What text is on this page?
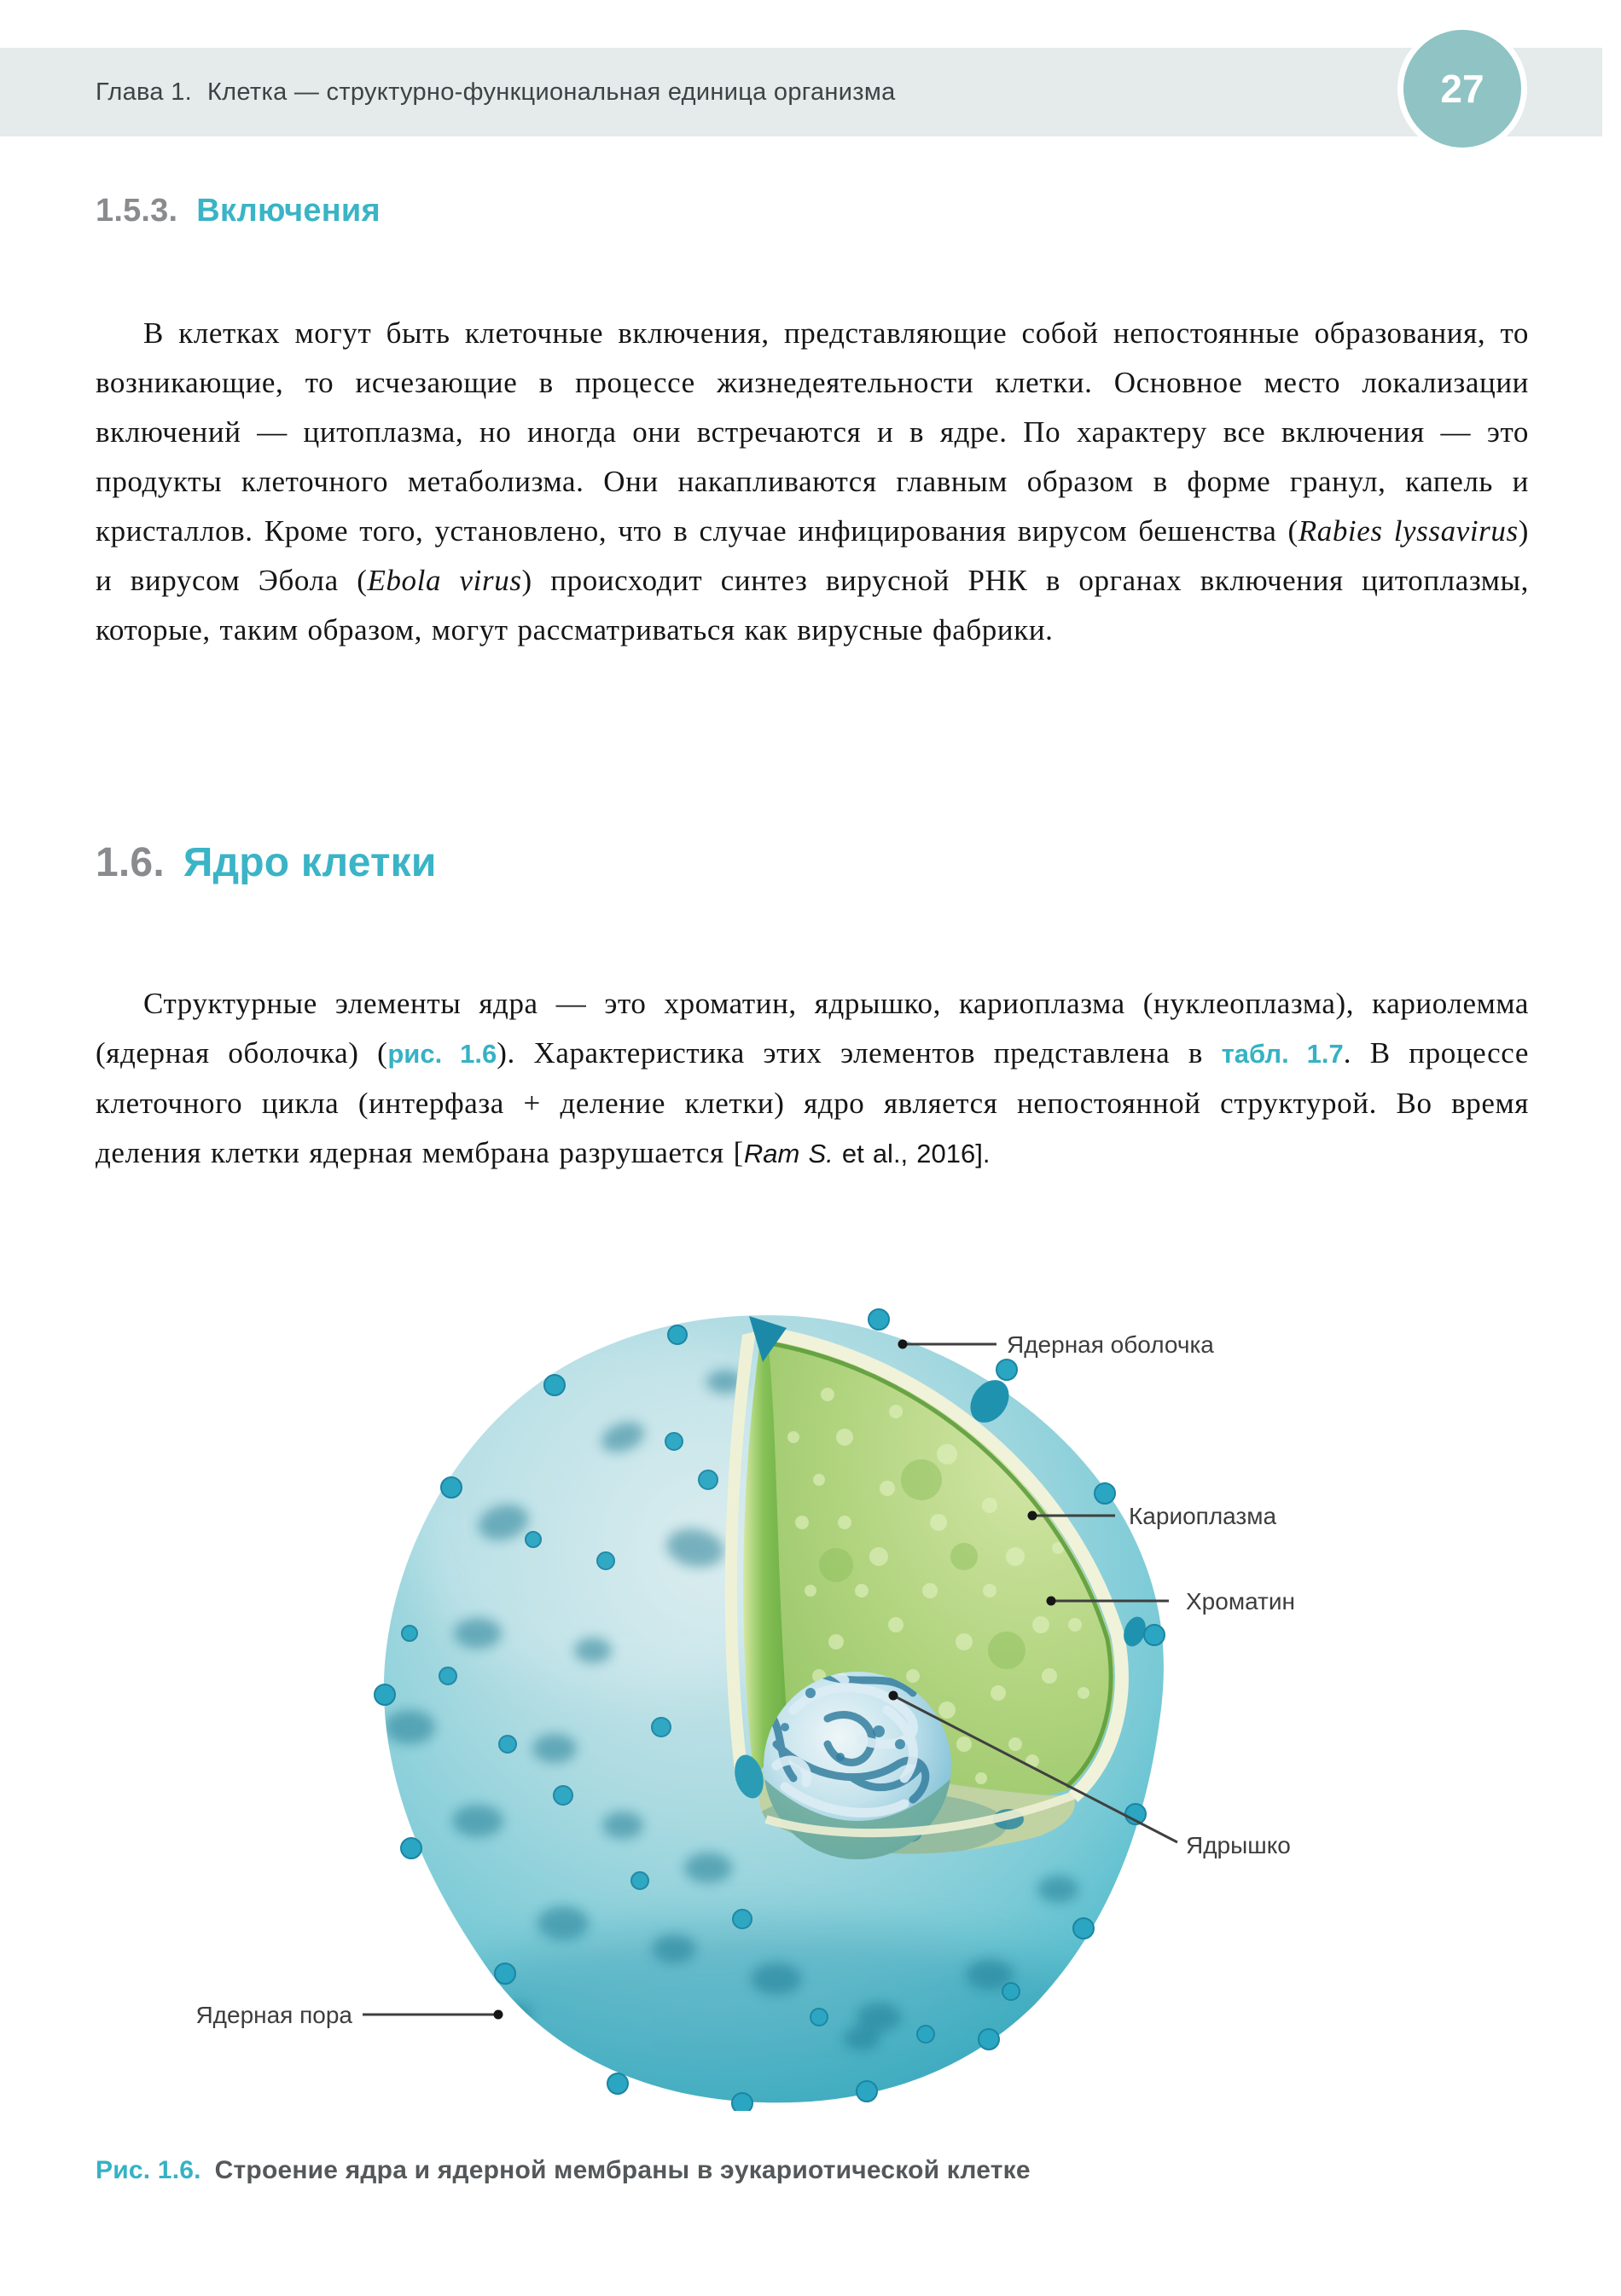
Глава 1. Клетка — структурно-функциональная единица организма	27
1.5.3. Включения

В клетках могут быть клеточные включения, представляющие собой непостоянные образования, то возникающие, то исчезающие в процессе жизнедеятельности клетки. Основное место локализации включений — цитоплазма, но иногда они встречаются и в ядре. По характеру все включения — это продукты клеточного метаболизма. Они накапливаются главным образом в форме гранул, капель и кристаллов. Кроме того, установлено, что в случае инфицирования вирусом бешенства (Rabies lyssavirus) и вирусом Эбола (Ebola virus) происходит синтез вирусной РНК в органах включения цитоплазмы, которые, таким образом, могут рассматриваться как вирусные фабрики.

1.6. Ядро клетки

Структурные элементы ядра — это хроматин, ядрышко, кариоплазма (нуклеоплазма), кариолемма (ядерная оболочка) (рис. 1.6). Характеристика этих элементов представлена в табл. 1.7. В процессе клеточного цикла (интерфаза + деление клетки) ядро является непостоянной структурой. Во время деления клетки ядерная мембрана разрушается [Ram S. et al., 2016].

Ядерная оболочка
Кариоплазма
Хроматин
Ядрышко
Ядерная пора
Рис. 1.6. Строение ядра и ядерной мембраны в эукариотической клетке
